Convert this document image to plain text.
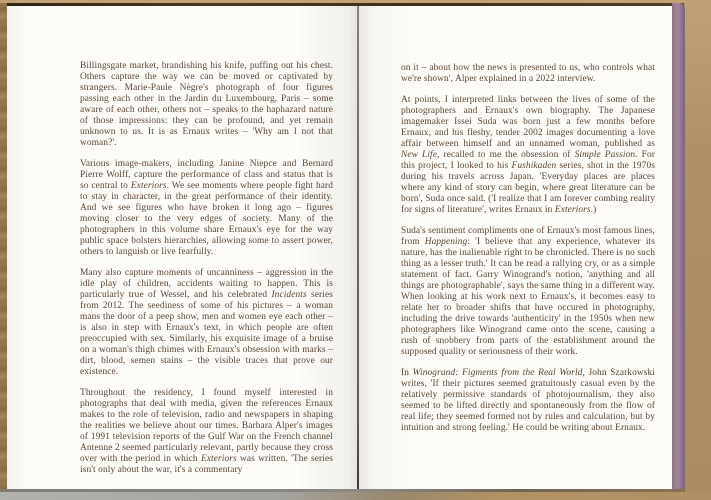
Billingsgate market, brandishing his knife, puffing out his chest. Others capture the way we can be moved or captivated by strangers. Marie-Paule Nègre's photograph of four figures passing each other in the Jardin du Luxembourg, Paris – some aware of each other, others not – speaks to the haphazard nature of those impressions: they can be profound, and yet remain unknown to us. It is as Ernaux writes – 'Why am I not that woman?'.

Various image-makers, including Janine Niepce and Bernard Pierre Wolff, capture the performance of class and status that is so central to Exteriors. We see moments where people fight hard to stay in character, in the great performance of their identity. And we see figures who have broken it long ago – figures moving closer to the very edges of society. Many of the photographers in this volume share Ernaux's eye for the way public space bolsters hierarchies, allowing some to assert power, others to languish or live fearfully.

Many also capture moments of uncanniness – aggression in the idle play of children, accidents waiting to happen. This is particularly true of Wessel, and his celebrated Incidents series from 2012. The seediness of some of his pictures – a woman mans the door of a peep show, men and women eye each other – is also in step with Ernaux's text, in which people are often preoccupied with sex. Similarly, his exquisite image of a bruise on a woman's thigh chimes with Ernaux's obsession with marks – dirt, blood, semen stains – the visible traces that prove our existence.

Throughout the residency, I found myself interested in photographs that deal with media, given the references Ernaux makes to the role of television, radio and newspapers in shaping the realities we believe about our times. Barbara Alper's images of 1991 television reports of the Gulf War on the French channel Antenne 2 seemed particularly relevant, partly because they cross over with the period in which Exteriors was written. 'The series isn't only about the war, it's a commentary

on it – about how the news is presented to us, who controls what we're shown', Alper explained in a 2022 interview.

At points, I interpreted links between the lives of some of the photographers and Ernaux's own biography. The Japanese imagemaker Issei Suda was born just a few months before Ernaux, and his fleshy, tender 2002 images documenting a love affair between himself and an unnamed woman, published as New Life, recalled to me the obsession of Simple Passion. For this project, I looked to his Fushikaden series, shot in the 1970s during his travels across Japan. 'Everyday places are places where any kind of story can begin, where great literature can be born', Suda once said. ('I realize that I am forever combing reality for signs of literature', writes Ernaux in Exteriors.)

Suda's sentiment compliments one of Ernaux's most famous lines, from Happening: 'I believe that any experience, whatever its nature, has the inalienable right to be chronicled. There is no such thing as a lesser truth.' It can be read a rallying cry, or as a simple statement of fact. Garry Winogrand's notion, 'anything and all things are photographable', says the same thing in a different way. When looking at his work next to Ernaux's, it becomes easy to relate her to broader shifts that have occured in photography, including the drive towards 'authenticity' in the 1950s when new photographers like Winogrand came onto the scene, causing a rush of snobbery from parts of the establishment around the supposed quality or seriousness of their work.

In Winogrand: Figments from the Real World, John Szarkowski writes, 'If their pictures seemed gratuitously casual even by the relatively permissive standards of photojournalism, they also seemed to be lifted directly and spontaneously from the flow of real life; they seemed formed not by rules and calculation, but by intuition and strong feeling.' He could be writing about Ernaux.
